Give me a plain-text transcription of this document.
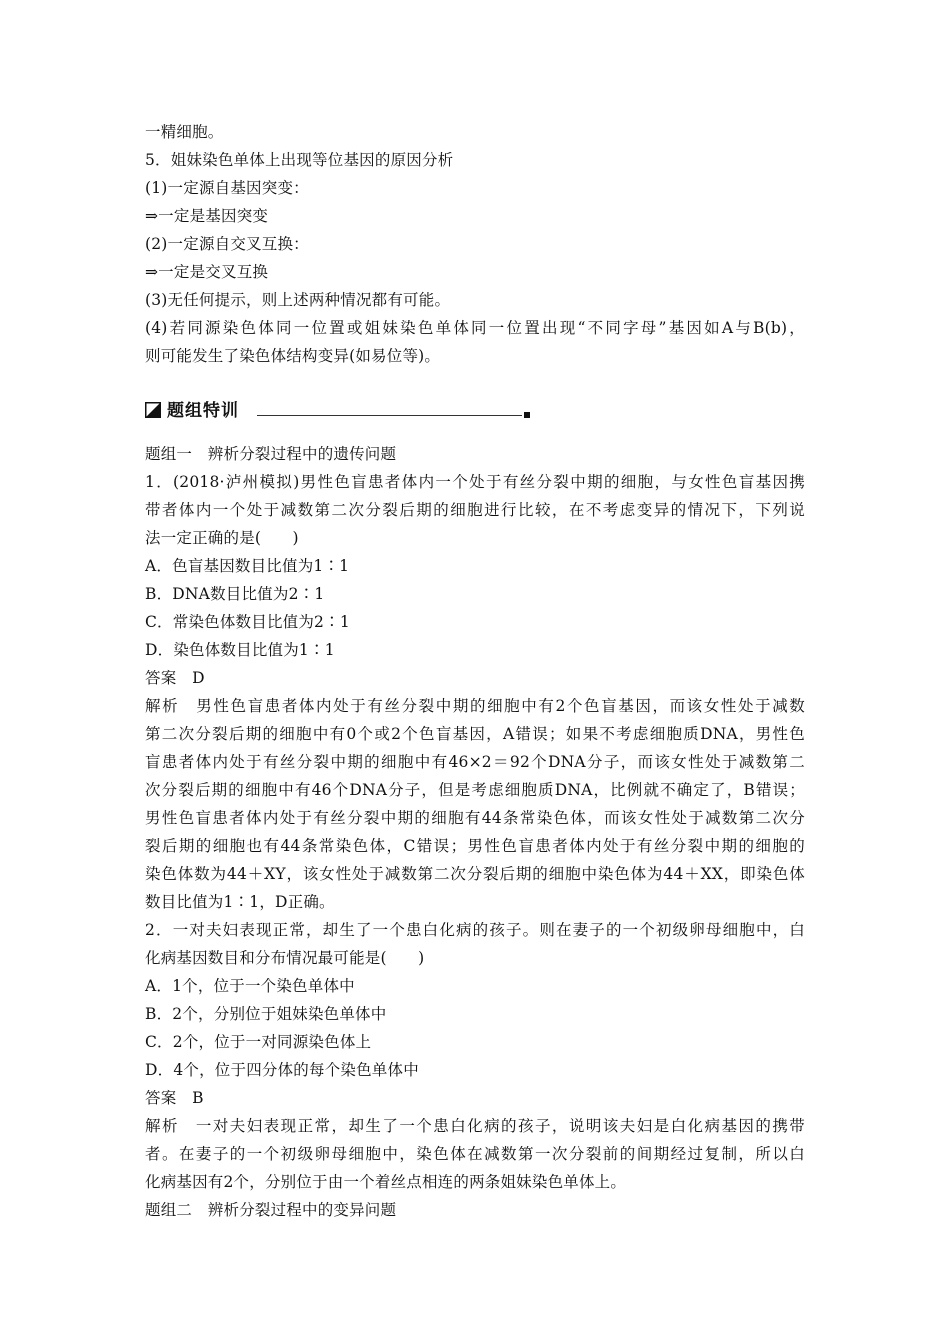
一精细胞。
5．姐妹染色单体上出现等位基因的原因分析
(1)一定源自基因突变：
⇒一定是基因突变
(2)一定源自交叉互换：
⇒一定是交叉互换
(3)无任何提示，则上述两种情况都有可能。
(4)若同源染色体同一位置或姐妹染色单体同一位置出现“不同字母”基因如A与B(b)，
则可能发生了染色体结构变异(如易位等)。
题组特训
题组一　辨析分裂过程中的遗传问题
1．(2018·泸州模拟)男性色盲患者体内一个处于有丝分裂中期的细胞，与女性色盲基因携
带者体内一个处于减数第二次分裂后期的细胞进行比较，在不考虑变异的情况下，下列说
法一定正确的是(　　)
A．色盲基因数目比值为1∶1
B．DNA数目比值为2∶1
C．常染色体数目比值为2∶1
D．染色体数目比值为1∶1
答案　D
解析　男性色盲患者体内处于有丝分裂中期的细胞中有2个色盲基因，而该女性处于减数
第二次分裂后期的细胞中有0个或2个色盲基因，A错误；如果不考虑细胞质DNA，男性色
盲患者体内处于有丝分裂中期的细胞中有46×2＝92个DNA分子，而该女性处于减数第二
次分裂后期的细胞中有46个DNA分子，但是考虑细胞质DNA，比例就不确定了，B错误；
男性色盲患者体内处于有丝分裂中期的细胞有44条常染色体，而该女性处于减数第二次分
裂后期的细胞也有44条常染色体，C错误；男性色盲患者体内处于有丝分裂中期的细胞的
染色体数为44＋XY，该女性处于减数第二次分裂后期的细胞中染色体为44＋XX，即染色体
数目比值为1∶1，D正确。
2．一对夫妇表现正常，却生了一个患白化病的孩子。则在妻子的一个初级卵母细胞中，白
化病基因数目和分布情况最可能是(　　)
A．1个，位于一个染色单体中
B．2个，分别位于姐妹染色单体中
C．2个，位于一对同源染色体上
D．4个，位于四分体的每个染色单体中
答案　B
解析　一对夫妇表现正常，却生了一个患白化病的孩子，说明该夫妇是白化病基因的携带
者。在妻子的一个初级卵母细胞中，染色体在减数第一次分裂前的间期经过复制，所以白
化病基因有2个，分别位于由一个着丝点相连的两条姐妹染色单体上。
题组二　辨析分裂过程中的变异问题
